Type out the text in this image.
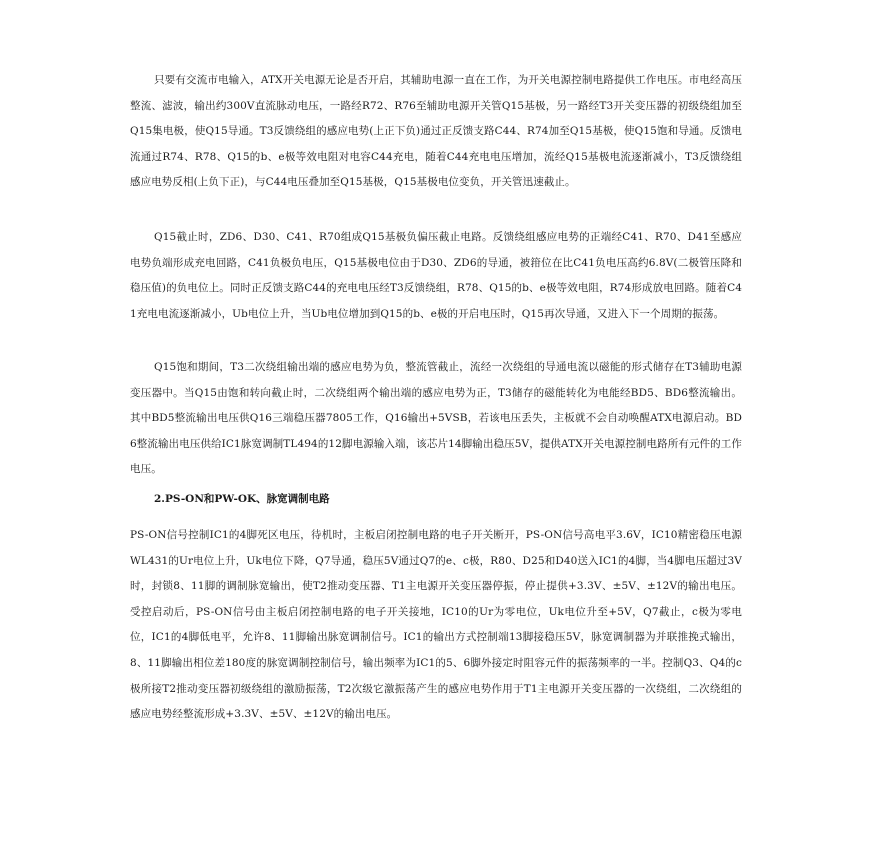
只要有交流市电输入，ATX开关电源无论是否开启，其辅助电源一直在工作，为开关电源控制电路提供工作电压。市电经高压整流、滤波，输出约300V直流脉动电压，一路经R72、R76至辅助电源开关管Q15基极，另一路经T3开关变压器的初级绕组加至Q15集电极，使Q15导通。T3反馈绕组的感应电势(上正下负)通过正反馈支路C44、R74加至Q15基极，使Q15饱和导通。反馈电流通过R74、R78、Q15的b、e极等效电阻对电容C44充电，随着C44充电电压增加，流经Q15基极电流逐渐减小，T3反馈绕组感应电势反相(上负下正)，与C44电压叠加至Q15基极，Q15基极电位变负，开关管迅速截止。

Q15截止时，ZD6、D30、C41、R70组成Q15基极负偏压截止电路。反馈绕组感应电势的正端经C41、R70、D41至感应电势负端形成充电回路，C41负极负电压，Q15基极电位由于D30、ZD6的导通，被箝位在比C41负电压高约6.8V(二极管压降和稳压值)的负电位上。同时正反馈支路C44的充电电压经T3反馈绕组，R78、Q15的b、e极等效电阻，R74形成放电回路。随着C41充电电流逐渐减小，Ub电位上升，当Ub电位增加到Q15的b、e极的开启电压时，Q15再次导通，又进入下一个周期的振荡。

Q15饱和期间，T3二次绕组输出端的感应电势为负，整流管截止，流经一次绕组的导通电流以磁能的形式储存在T3辅助电源变压器中。当Q15由饱和转向截止时，二次绕组两个输出端的感应电势为正，T3储存的磁能转化为电能经BD5、BD6整流输出。其中BD5整流输出电压供Q16三端稳压器7805工作，Q16输出+5VSB，若该电压丢失，主板就不会自动唤醒ATX电源启动。BD6整流输出电压供给IC1脉宽调制TL494的12脚电源输入端，该芯片14脚输出稳压5V，提供ATX开关电源控制电路所有元件的工作电压。

2.PS-ON和PW-OK、脉宽调制电路

PS-ON信号控制IC1的4脚死区电压，待机时，主板启闭控制电路的电子开关断开，PS-ON信号高电平3.6V，IC10精密稳压电源WL431的Ur电位上升，Uk电位下降，Q7导通，稳压5V通过Q7的e、c极，R80、D25和D40送入IC1的4脚，当4脚电压超过3V时，封锁8、11脚的调制脉宽输出，使T2推动变压器、T1主电源开关变压器停振，停止提供+3.3V、±5V、±12V的输出电压。 受控启动后，PS-ON信号由主板启闭控制电路的电子开关接地，IC10的Ur为零电位，Uk电位升至+5V，Q7截止，c极为零电位，IC1的4脚低电平，允许8、11脚输出脉宽调制信号。IC1的输出方式控制端13脚接稳压5V，脉宽调制器为并联推挽式输出，8、11脚输出相位差180度的脉宽调制控制信号，输出频率为IC1的5、6脚外接定时阻容元件的振荡频率的一半。控制Q3、Q4的c极所接T2推动变压器初级绕组的激励振荡，T2次级它激振荡产生的感应电势作用于T1主电源开关变压器的一次绕组，二次绕组的感应电势经整流形成+3.3V、±5V、±12V的输出电压。
